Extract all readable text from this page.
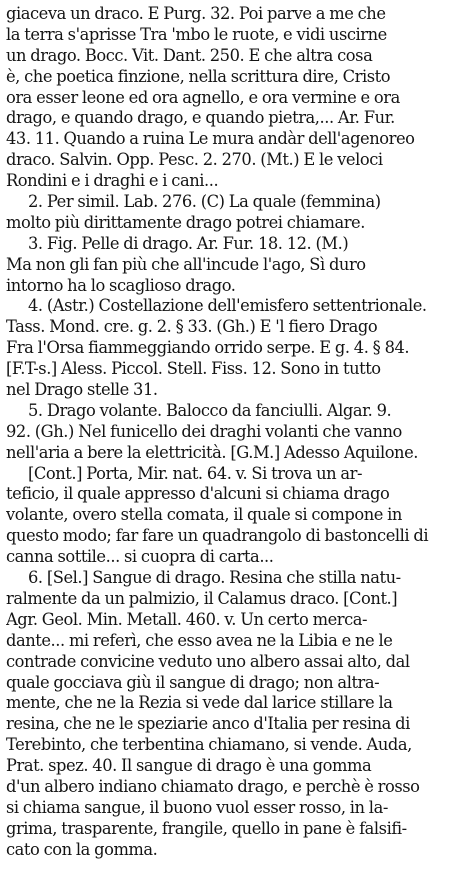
giaceva un draco. E Purg. 32. Poi parve a me che
la terra s'aprisse Tra 'mbo le ruote, e vidi uscirne
un drago. Bocc. Vit. Dant. 250. E che altra cosa
è, che poetica finzione, nella scrittura dire, Cristo
ora esser leone ed ora agnello, e ora vermine e ora
drago, e quando drago, e quando pietra,... Ar. Fur.
43. 11. Quando a ruina Le mura andàr dell'agenoreo
draco. Salvin. Opp. Pesc. 2. 270. (Mt.) E le veloci
Rondini e i draghi e i cani...
2. Per simil. Lab. 276. (C) La quale (femmina)
molto più dirittamente drago potrei chiamare.
3. Fig. Pelle di drago. Ar. Fur. 18. 12. (M.)
Ma non gli fan più che all'incude l'ago, Sì duro
intorno ha lo scaglioso drago.
4. (Astr.) Costellazione dell'emisfero settentrionale.
Tass. Mond. cre. g. 2. § 33. (Gh.) E 'l fiero Drago
Fra l'Orsa fiammeggiando orrido serpe. E g. 4. § 84.
[F.T-s.] Aless. Piccol. Stell. Fiss. 12. Sono in tutto
nel Drago stelle 31.
5. Drago volante. Balocco da fanciulli. Algar. 9.
92. (Gh.) Nel funicello dei draghi volanti che vanno
nell'aria a bere la elettricità. [G.M.] Adesso Aquilone.
[Cont.] Porta, Mir. nat. 64. v. Si trova un ar-
teficio, il quale appresso d'alcuni si chiama drago
volante, overo stella comata, il quale si compone in
questo modo; far fare un quadrangolo di bastoncelli di
canna sottile... si cuopra di carta...
6. [Sel.] Sangue di drago. Resina che stilla natu-
ralmente da un palmizio, il Calamus draco. [Cont.]
Agr. Geol. Min. Metall. 460. v. Un certo merca-
dante... mi referì, che esso avea ne la Libia e ne le
contrade convicine veduto uno albero assai alto, dal
quale gocciava giù il sangue di drago; non altra-
mente, che ne la Rezia si vede dal larice stillare la
resina, che ne le speziarie anco d'Italia per resina di
Terebinto, che terbentina chiamano, si vende. Auda,
Prat. spez. 40. Il sangue di drago è una gomma
d'un albero indiano chiamato drago, e perchè è rosso
si chiama sangue, il buono vuol esser rosso, in la-
grima, trasparente, frangile, quello in pane è falsifi-
cato con la gomma.
